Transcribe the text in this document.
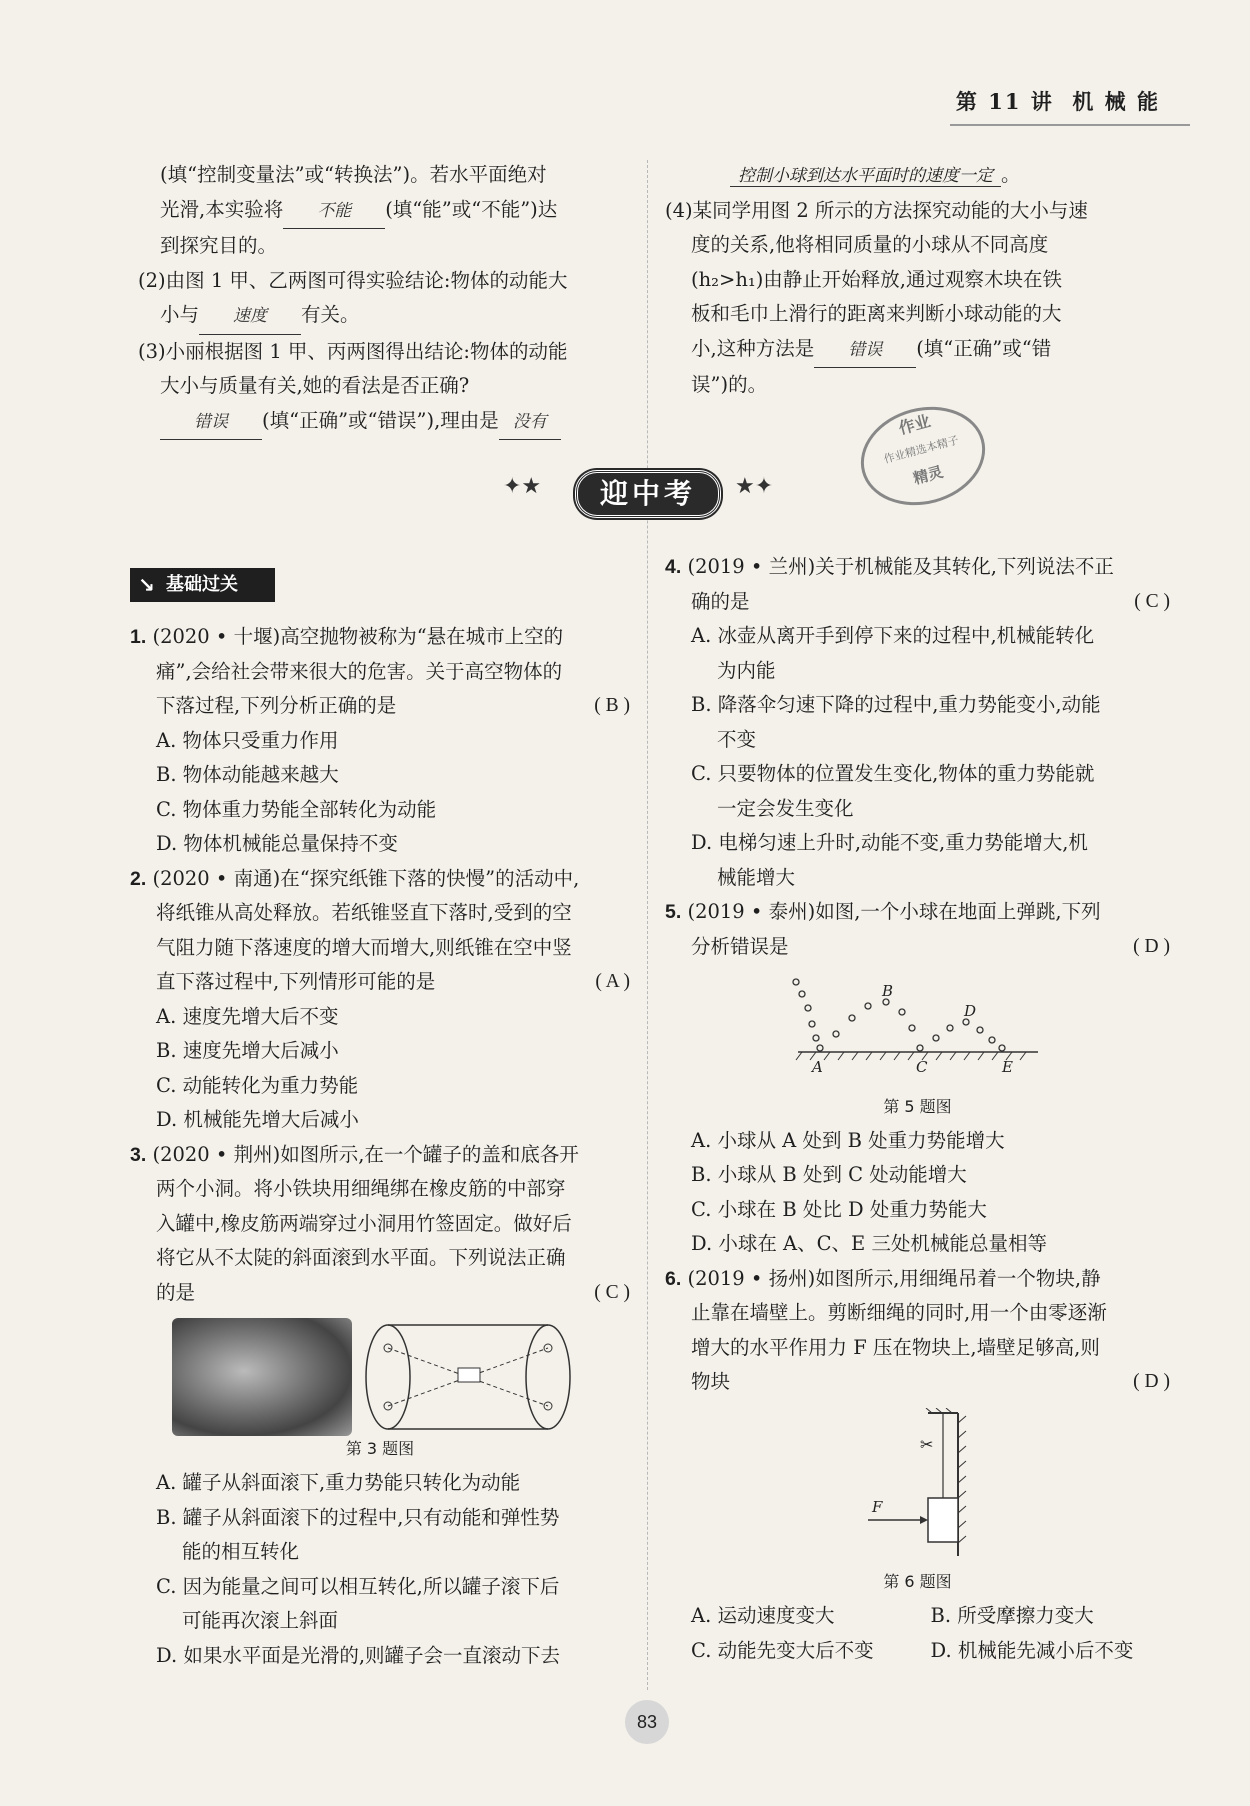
第 11 讲 机 械 能
(填“控制变量法”或“转换法”)。若水平面绝对
光滑,本实验将 不能 (填“能”或“不能”)达
到探究目的。
(2)由图 1 甲、乙两图可得实验结论:物体的动能大
小与 速度 有关。
(3)小丽根据图 1 甲、丙两图得出结论:物体的动能
大小与质量有关,她的看法是否正确?
错误 (填“正确”或“错误”),理由是 没有
控制小球到达水平面时的速度一定 。
(4)某同学用图 2 所示的方法探究动能的大小与速
度的关系,他将相同质量的小球从不同高度
(h₂>h₁)由静止开始释放,通过观察木块在铁
板和毛巾上滑行的距离来判断小球动能的大
小,这种方法是 错误 (填“正确”或“错
误”)的。
作业
作业精选本精子
精灵
✦★	迎中考	★✦
↘ 基础过关
1. (2020 • 十堰)高空抛物被称为“悬在城市上空的
痛”,会给社会带来很大的危害。关于高空物体的
下落过程,下列分析正确的是	( B )
A. 物体只受重力作用
B. 物体动能越来越大
C. 物体重力势能全部转化为动能
D. 物体机械能总量保持不变
2. (2020 • 南通)在“探究纸锥下落的快慢”的活动中,
将纸锥从高处释放。若纸锥竖直下落时,受到的空
气阻力随下落速度的增大而增大,则纸锥在空中竖
直下落过程中,下列情形可能的是	( A )
A. 速度先增大后不变
B. 速度先增大后减小
C. 动能转化为重力势能
D. 机械能先增大后减小
3. (2020 • 荆州)如图所示,在一个罐子的盖和底各开
两个小洞。将小铁块用细绳绑在橡皮筋的中部穿
入罐中,橡皮筋两端穿过小洞用竹签固定。做好后
将它从不太陡的斜面滚到水平面。下列说法正确
的是	( C )

第 3 题图
A. 罐子从斜面滚下,重力势能只转化为动能
B. 罐子从斜面滚下的过程中,只有动能和弹性势
能的相互转化
C. 因为能量之间可以相互转化,所以罐子滚下后
可能再次滚上斜面
D. 如果水平面是光滑的,则罐子会一直滚动下去
4. (2019 • 兰州)关于机械能及其转化,下列说法不正
确的是	( C )
A. 冰壶从离开手到停下来的过程中,机械能转化
为内能
B. 降落伞匀速下降的过程中,重力势能变小,动能
不变
C. 只要物体的位置发生变化,物体的重力势能就
一定会发生变化
D. 电梯匀速上升时,动能不变,重力势能增大,机
械能增大
5. (2019 • 泰州)如图,一个小球在地面上弹跳,下列
分析错误是	( D )
A
B
C
D
E
第 5 题图
A. 小球从 A 处到 B 处重力势能增大
B. 小球从 B 处到 C 处动能增大
C. 小球在 B 处比 D 处重力势能大
D. 小球在 A、C、E 三处机械能总量相等
6. (2019 • 扬州)如图所示,用细绳吊着一个物块,静
止靠在墙壁上。剪断细绳的同时,用一个由零逐渐
增大的水平作用力 F 压在物块上,墙壁足够高,则
物块	( D )
✂
F
第 6 题图
A. 运动速度变大	B. 所受摩擦力变大
C. 动能先变大后不变	D. 机械能先减小后不变
83
